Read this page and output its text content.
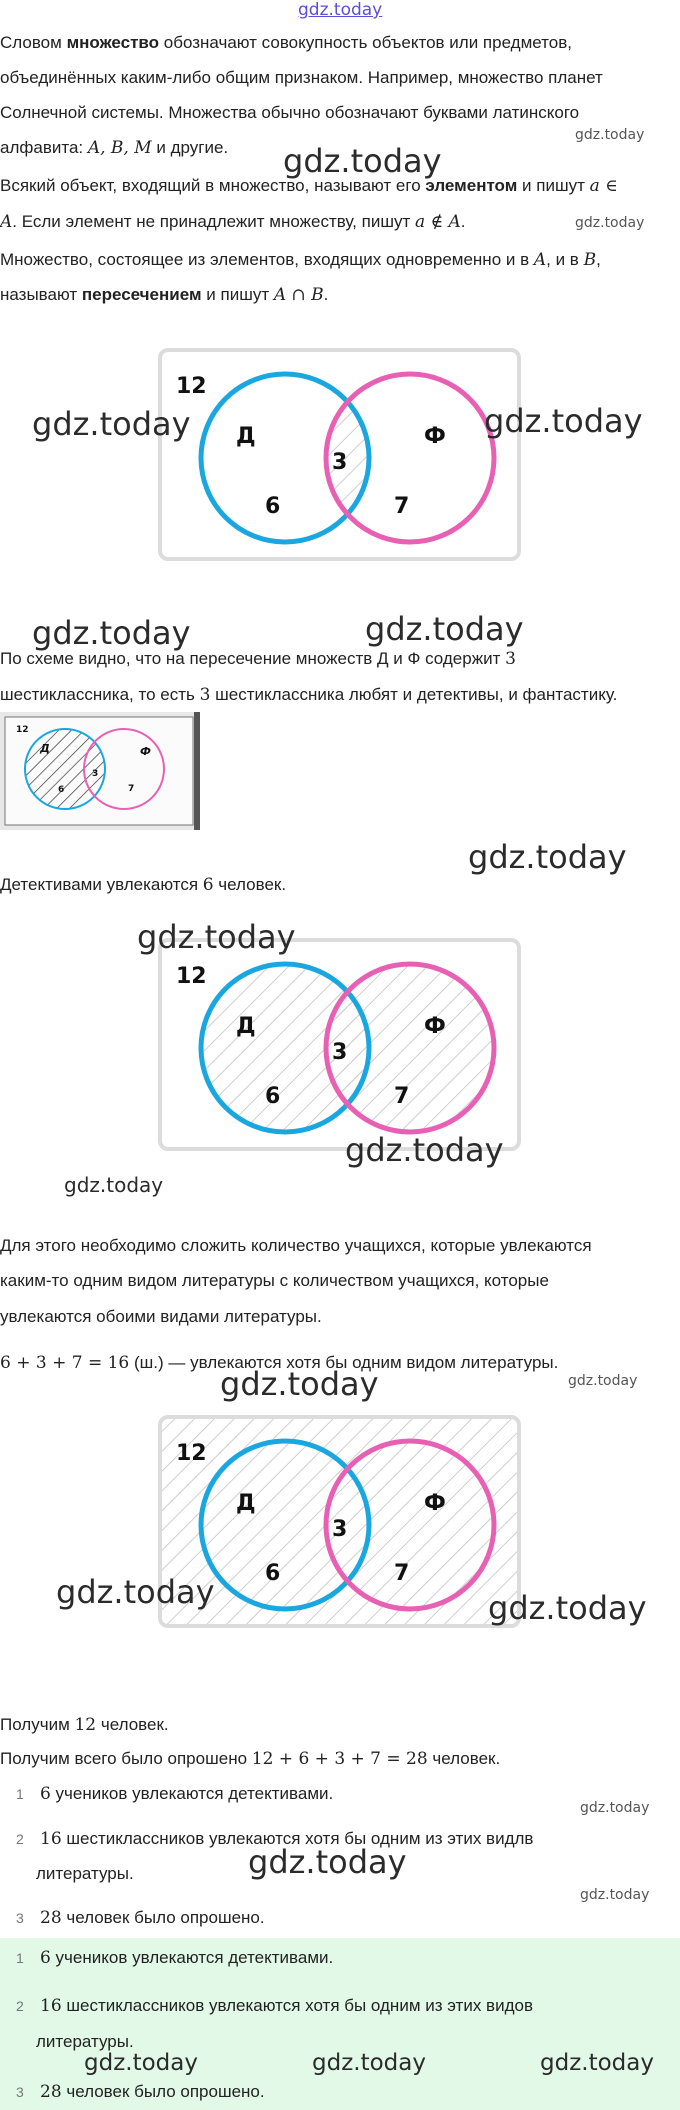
gdz.today
Словом множество обозначают совокупность объектов или предметов,
объединённых каким-либо общим признаком. Например, множество планет
Солнечной системы. Множества обычно обозначают буквами латинского
алфавита: A, B, M и другие.
Всякий объект, входящий в множество, называют его элементом и пишут a ∈
A. Если элемент не принадлежит множеству, пишут a ∉ A.
Множество, состоящее из элементов, входящих одновременно и в A, и в B,
называют пересечением и пишут A ∩ B.
12
Д	Ф
6
3
7
По схеме видно, что на пересечение множеств Д и Ф содержит 3
шестиклассника, то есть 3 шестиклассника любят и детективы, и фантастику.
12
Д	Ф
6
3
7
Детективами увлекаются 6 человек.
12
Д	Ф
6
3
7
Для этого необходимо сложить количество учащихся, которые увлекаются
каким-то одним видом литературы с количеством учащихся, которые
увлекаются обоими видами литературы.
6 + 3 + 7 = 16 (ш.) — увлекаются хотя бы одним видом литературы.
12
Д	Ф
6
3
7
Получим 12 человек.
Получим всего было опрошено 12 + 6 + 3 + 7 = 28 человек.
1 6 учеников увлекаются детективами.
2 16 шестиклассников увлекаются хотя бы одним из этих видлв
литературы.
3 28 человек было опрошено.
1 6 учеников увлекаются детективами.
2 16 шестиклассников увлекаются хотя бы одним из этих видов
литературы.
3 28 человек было опрошено.
gdz.today
gdz.today
gdz.today
gdz.today	gdz.today
gdz.today	gdz.today
gdz.today
gdz.today
gdz.today
gdz.today
gdz.today	gdz.today
gdz.today	gdz.today
gdz.today
gdz.today
gdz.today
gdz.today	gdz.today	gdz.today
